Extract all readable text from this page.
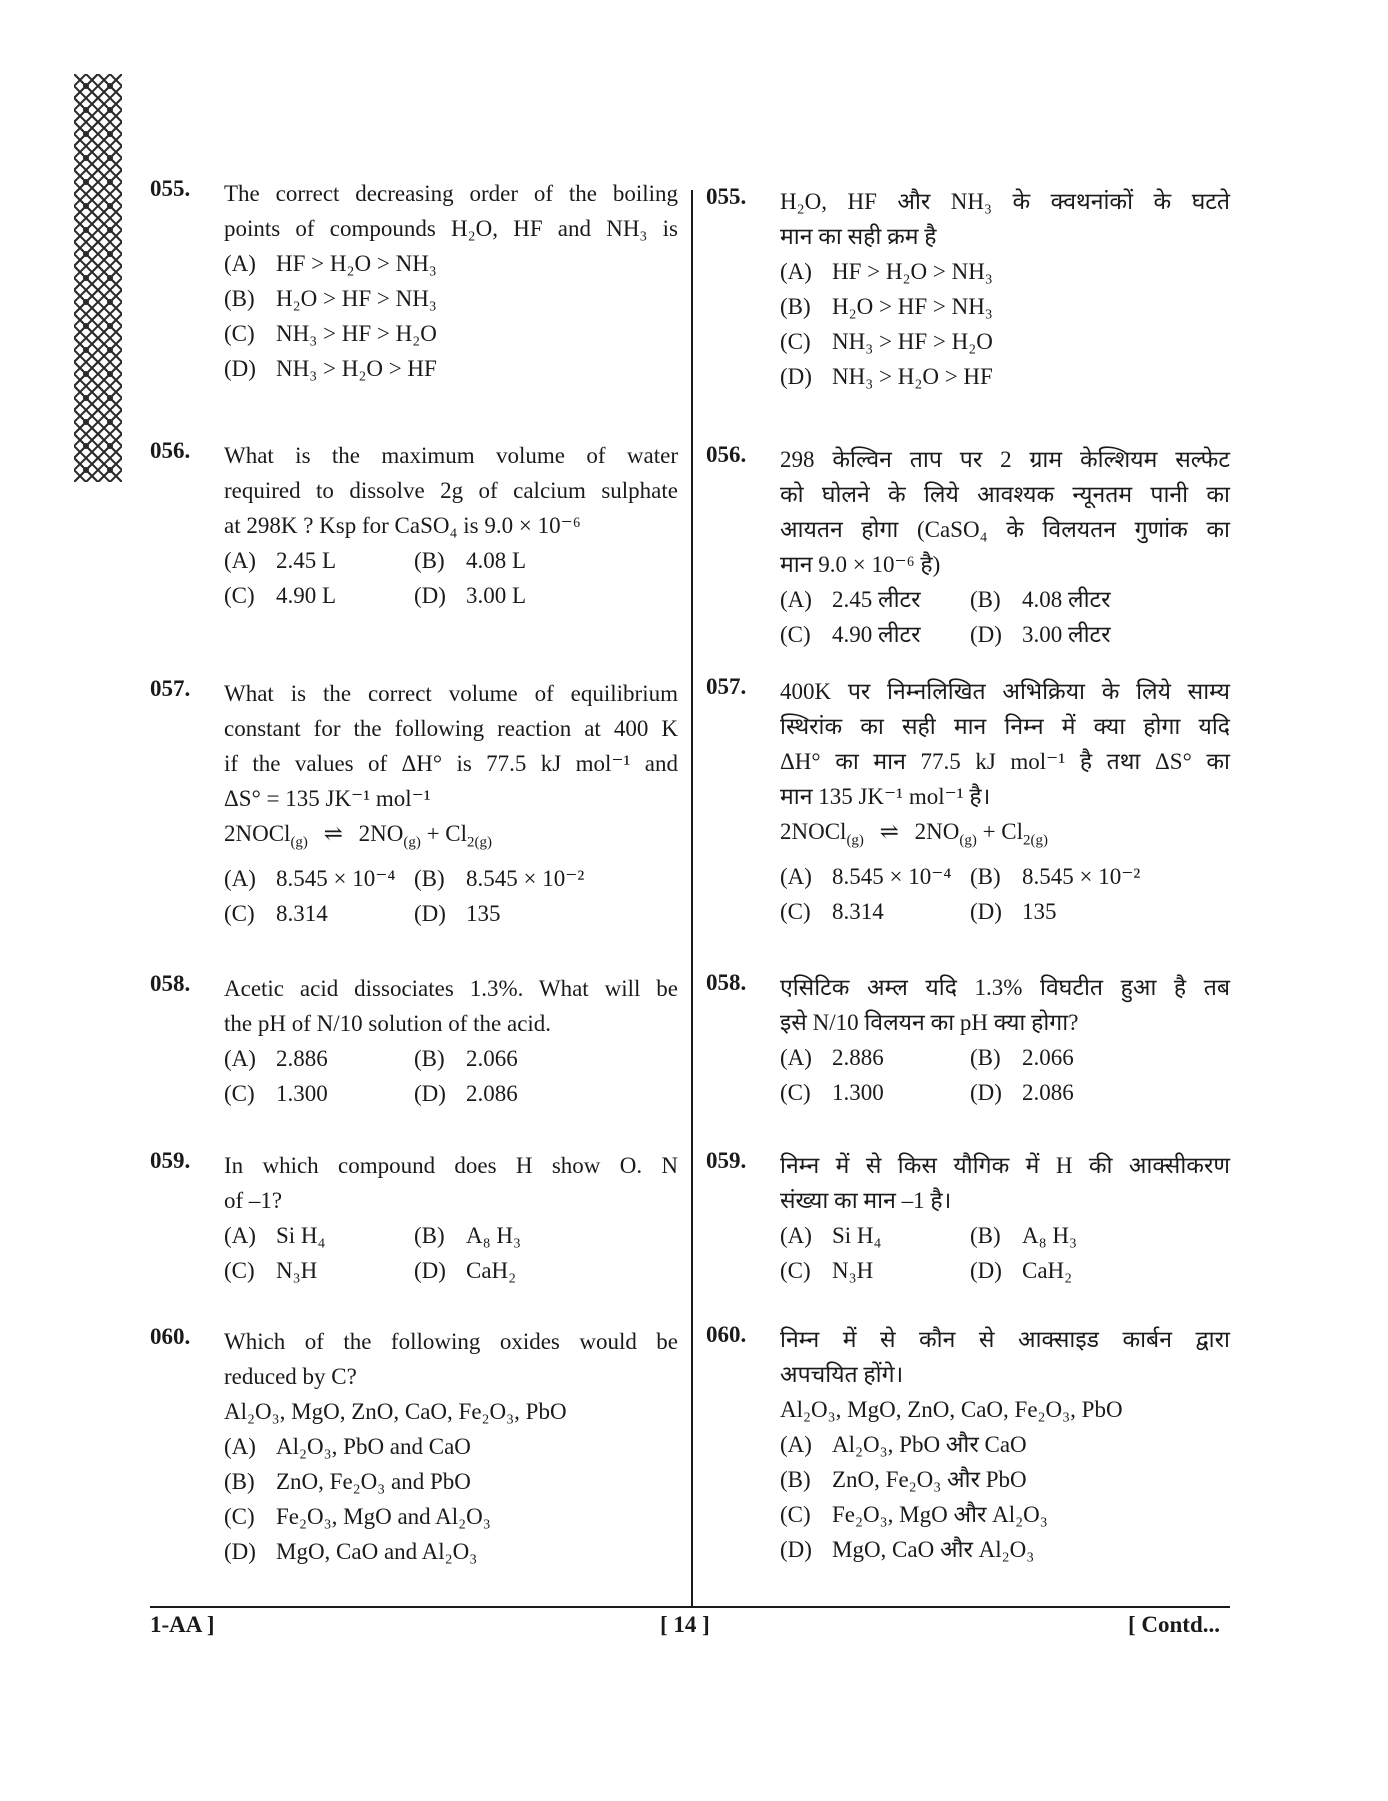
055. The correct decreasing order of the boiling

points of compounds H₂O, HF and NH₃ is

(A) HF > H₂O > NH₃
(B) H₂O > HF > NH₃
(C) NH₃ > HF > H₂O
(D) NH₃ > H₂O > HF
056. What is the maximum volume of water

required to dissolve 2g of calcium sulphate

at 298K ? Ksp for CaSO₄ is 9.0 × 10⁻⁶

(A) 2.45 L	(B) 4.08 L
(C) 4.90 L	(D) 3.00 L
057. What is the correct volume of equilibrium

constant for the following reaction at 400 K

if the values of ΔH° is 77.5 kJ mol⁻¹ and

ΔS° = 135 JK⁻¹ mol⁻¹

2NOCl$_{(g)}$ ⇌ $2NO_{(g)} + Cl_{2(g)}$

(A) 8.545 × 10⁻⁴ (B) 8.545 × 10⁻²
(C) 8.314	(D) 135
058. Acetic acid dissociates 1.3%. What will be

the pH of N/10 solution of the acid.

(A) 2.886	(B) 2.066
(C) 1.300	(D) 2.086
059. In which compound does H show O. N

of –1?

(A) Si H₄	(B) A₈ H₃
(C) N₃H	(D) CaH₂
060. Which of the following oxides would be

reduced by C?

Al₂O₃, MgO, ZnO, CaO, Fe₂O₃, PbO

(A) Al₂O₃, PbO and CaO
(B) ZnO, Fe₂O₃ and PbO
(C) Fe₂O₃, MgO and Al₂O₃
(D) MgO, CaO and Al₂O₃
055. H₂O, HF और NH₃ के क्वथनांकों के घटते

मान का सही क्रम है

(A) HF > H₂O > NH₃
(B) H₂O > HF > NH₃
(C) NH₃ > HF > H₂O
(D) NH₃ > H₂O > HF
056. 298 केल्विन ताप पर 2 ग्राम केल्शियम सल्फेट

को घोलने के लिये आवश्यक न्यूनतम पानी का

आयतन होगा (CaSO₄ के विलयतन गुणांक का

मान 9.0 × 10⁻⁶ है)

(A) 2.45 लीटर	(B) 4.08 लीटर
(C) 4.90 लीटर	(D) 3.00 लीटर
057. 400K पर निम्नलिखित अभिक्रिया के लिये साम्य

स्थिरांक का सही मान निम्न में क्या होगा यदि

ΔH° का मान 77.5 kJ mol⁻¹ है तथा ΔS° का

मान 135 JK⁻¹ mol⁻¹ है।

2NOCl$_{(g)}$ ⇌ $2NO_{(g)} + Cl_{2(g)}$

(A) 8.545 × 10⁻⁴ (B) 8.545 × 10⁻²
(C) 8.314	(D) 135
058. एसिटिक अम्ल यदि 1.3% विघटीत हुआ है तब

इसे N/10 विलयन का pH क्या होगा?

(A) 2.886	(B) 2.066
(C) 1.300	(D) 2.086
059. निम्न में से किस यौगिक में H की आक्सीकरण

संख्या का मान –1 है।

(A) Si H₄	(B) A₈ H₃
(C) N₃H	(D) CaH₂
060. निम्न में से कौन से आक्साइड कार्बन द्वारा

अपचयित होंगे।

Al₂O₃, MgO, ZnO, CaO, Fe₂O₃, PbO

(A) Al₂O₃, PbO और CaO
(B) ZnO, Fe₂O₃ और PbO
(C) Fe₂O₃, MgO और Al₂O₃
(D) MgO, CaO और Al₂O₃
1-AA ]	[ 14 ]	[ Contd...
